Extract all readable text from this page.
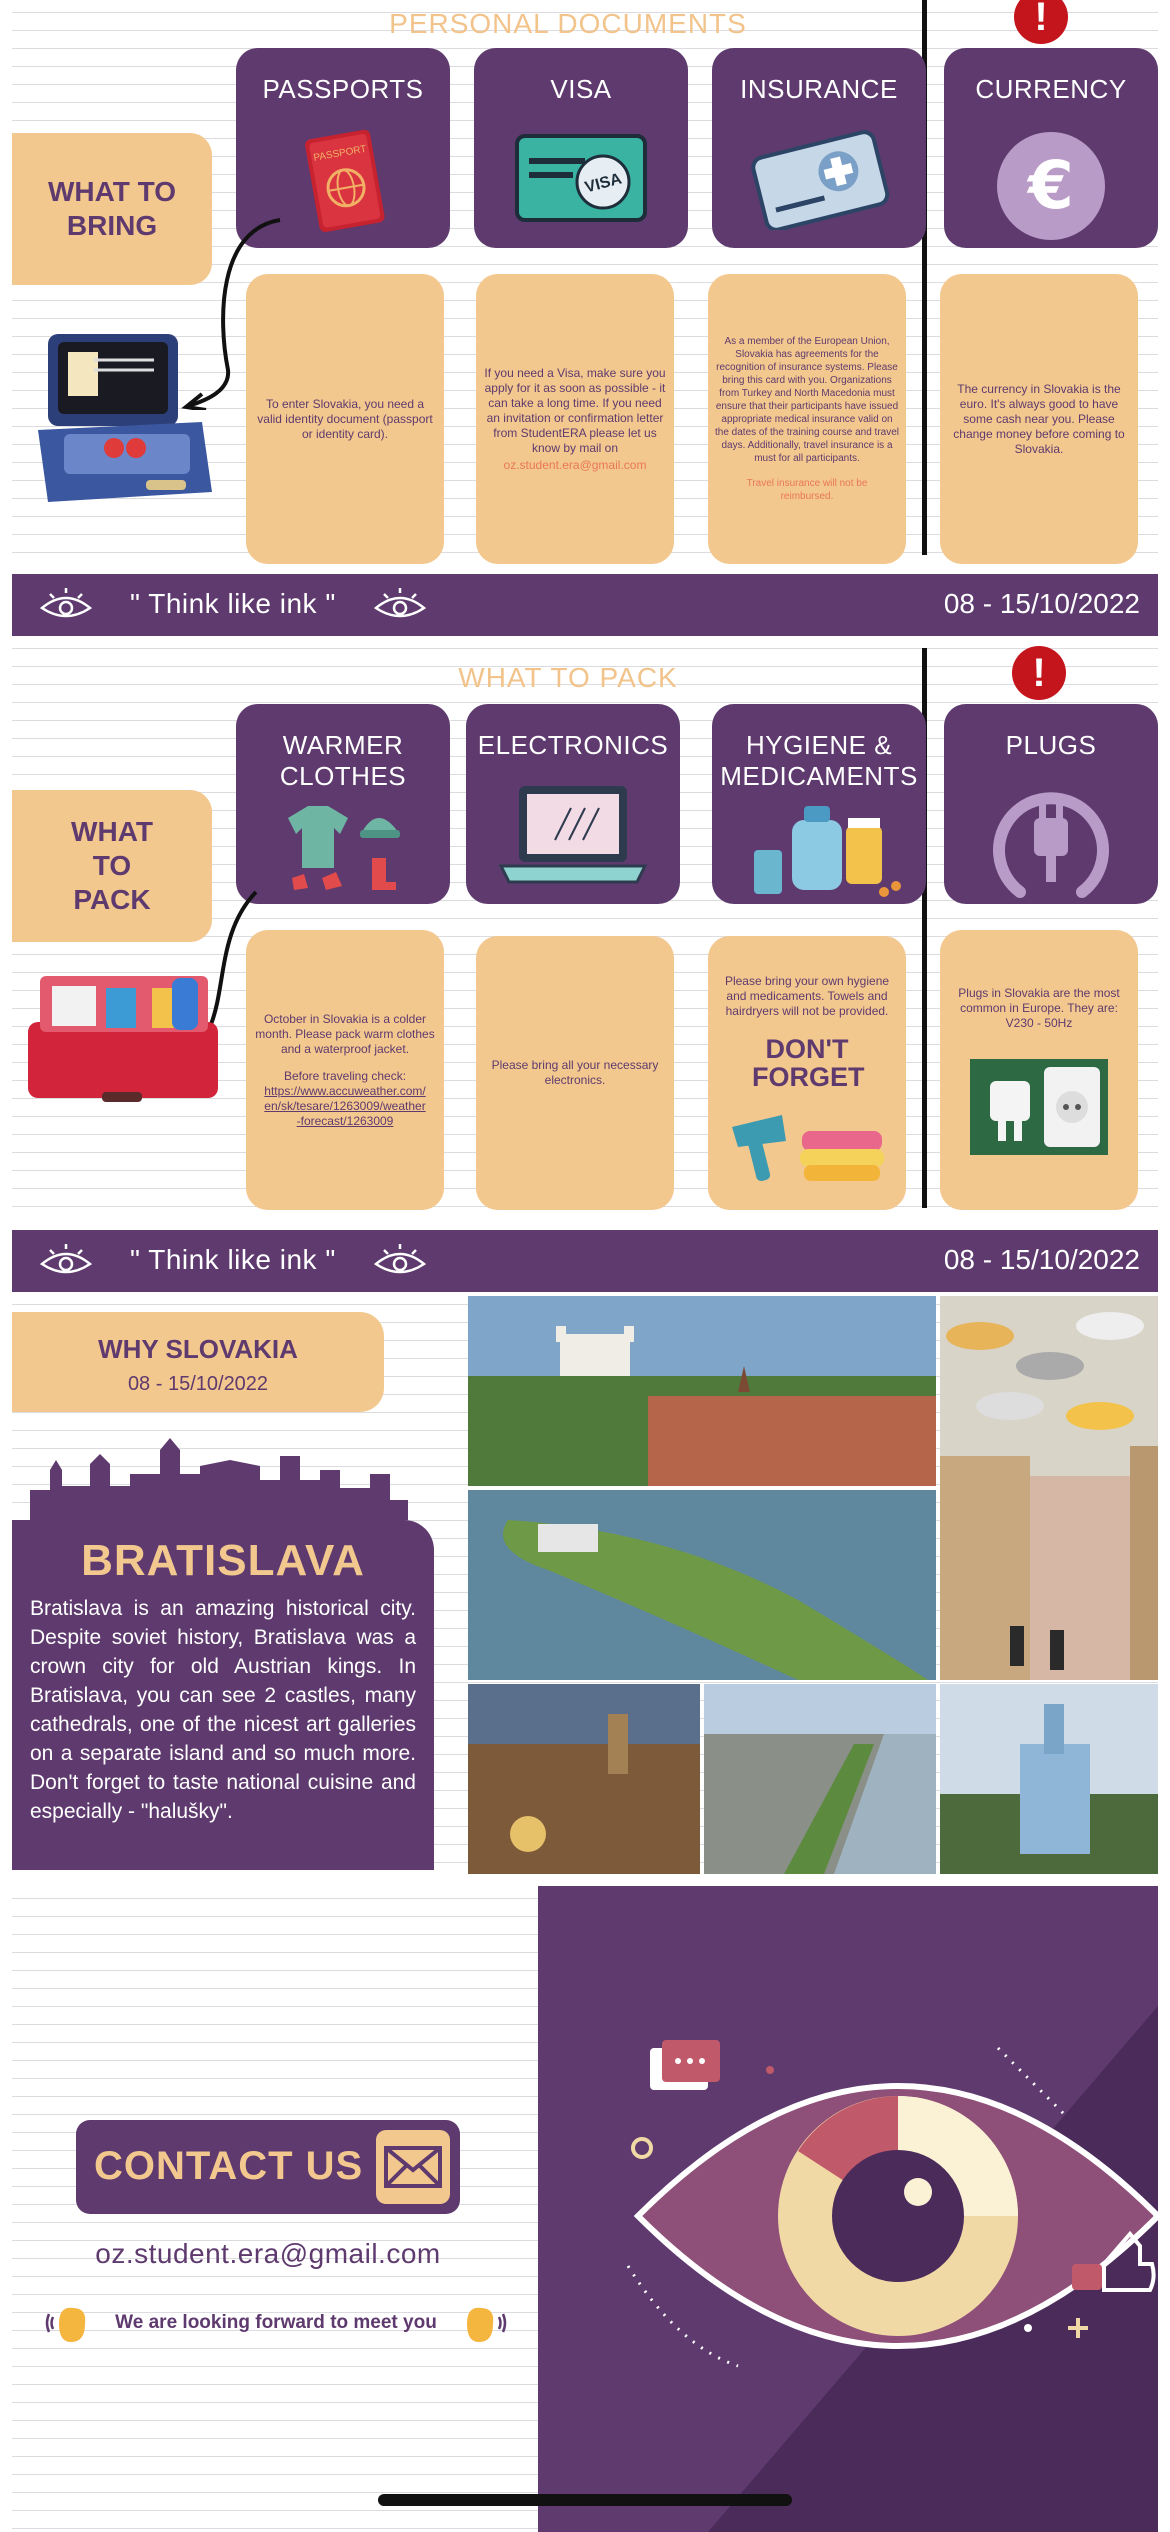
PERSONAL DOCUMENTS
WHAT TO BRING
!
PASSPORTS
PASSPORT
VISA
VISA
INSURANCE	CURRENCY
€
To enter Slovakia, you need a valid identity document (passport or identity card).
If you need a Visa, make sure you apply for it as soon as possible - it can take a long time. If you need an invitation or confirmation letter from StudentERA please let us know by mail on
oz.student.era@gmail.com
As a member of the European Union, Slovakia has agreements for the recognition of insurance systems. Please bring this card with you. Organizations from Turkey and North Macedonia must ensure that their participants have issued appropriate medical insurance valid on the dates of the training course and travel days. Additionally, travel insurance is a must for all participants.
Travel insurance will not be reimbursed.
The currency in Slovakia is the euro. It's always good to have some cash near you. Please change money before coming to Slovakia.
" Think like ink "	08 - 15/10/2022
WHAT TO PACK
WHAT TO PACK
!
WARMER CLOTHES
ELECTRONICS	HYGIENE & MEDICAMENTS
PLUGS
October in Slovakia is a colder month. Please pack warm clothes and a waterproof jacket.
Before traveling check:
https://www.accuweather.com/en/sk/tesare/1263009/weather-forecast/1263009
Please bring all your necessary electronics.
Please bring your own hygiene and medicaments. Towels and hairdryers will not be provided.
DON'T FORGET
Plugs in Slovakia are the most common in Europe. They are: V230 - 50Hz
" Think like ink "	08 - 15/10/2022
WHY SLOVAKIA
08 - 15/10/2022
BRATISLAVA
Bratislava is an amazing historical city. Despite soviet history, Bratislava was a crown city for old Austrian kings. In Bratislava, you can see 2 castles, many cathedrals, one of the nicest art galleries on a separate island and so much more. Don't forget to taste national cuisine and especially - "halušky".
CONTACT US
oz.student.era@gmail.com
We are looking forward to meet you
